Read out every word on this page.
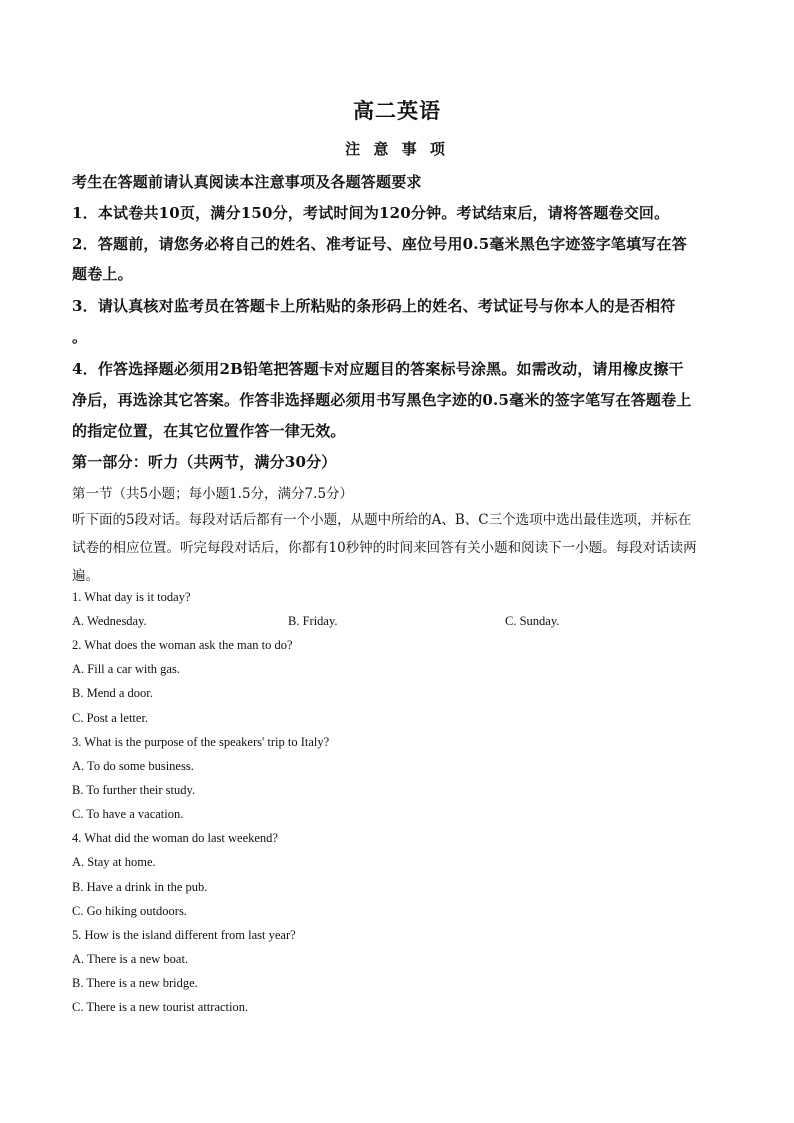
高二英语
注 意 事 项
考生在答题前请认真阅读本注意事项及各题答题要求
1．本试卷共10页，满分150分，考试时间为120分钟。考试结束后，请将答题卷交回。
2．答题前，请您务必将自己的姓名、准考证号、座位号用0.5毫米黑色字迹签字笔填写在答
题卷上。
3．请认真核对监考员在答题卡上所粘贴的条形码上的姓名、考试证号与你本人的是否相符
。
4．作答选择题必须用2B铅笔把答题卡对应题目的答案标号涂黑。如需改动，请用橡皮擦干
净后，再选涂其它答案。作答非选择题必须用书写黑色字迹的0.5毫米的签字笔写在答题卷上
的指定位置，在其它位置作答一律无效。
第一部分：听力（共两节，满分30分）
第一节（共5小题；每小题1.5分，满分7.5分）
听下面的5段对话。每段对话后都有一个小题，从题中所给的A、B、C三个选项中选出最佳选项，并标在
试卷的相应位置。听完每段对话后，你都有10秒钟的时间来回答有关小题和阅读下一小题。每段对话读两
遍。
1. What day is it today?
A. Wednesday.	B. Friday.	C. Sunday.
2. What does the woman ask the man to do?
A. Fill a car with gas.
B. Mend a door.
C. Post a letter.
3. What is the purpose of the speakers' trip to Italy?
A. To do some business.
B. To further their study.
C. To have a vacation.
4. What did the woman do last weekend?
A. Stay at home.
B. Have a drink in the pub.
C. Go hiking outdoors.
5. How is the island different from last year?
A. There is a new boat.
B. There is a new bridge.
C. There is a new tourist attraction.
